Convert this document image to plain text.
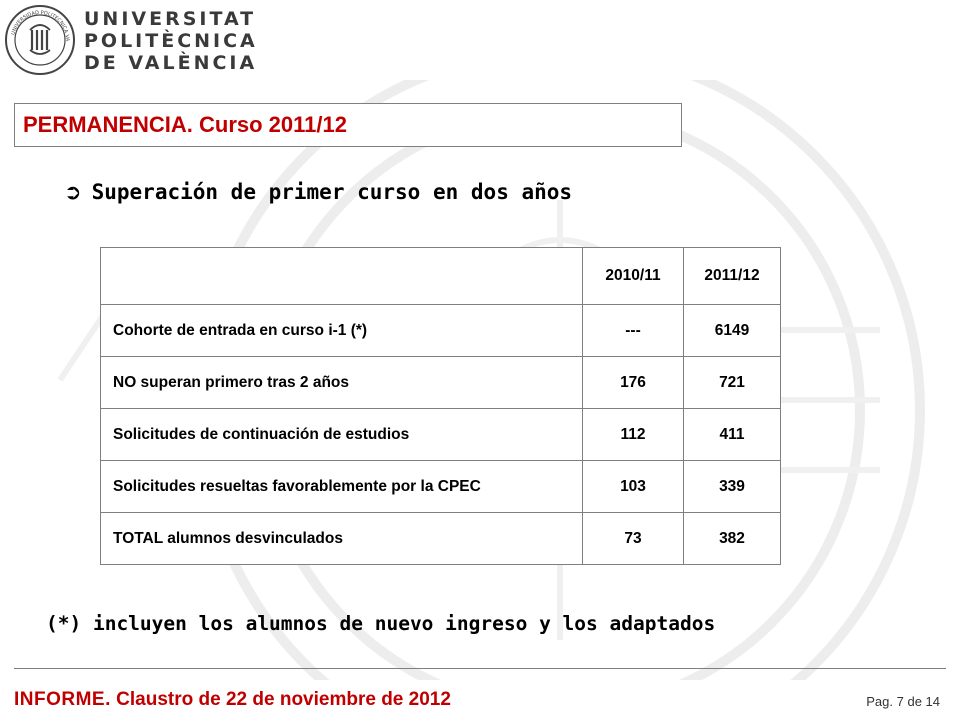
UNIVERSIDAD POLITECNICA VA
UNIVERSITAT
POLITÈCNICA
DE VALÈNCIA
PERMANENCIA. Curso 2011/12
➲ Superación de primer curso en dos años
	2010/11	2011/12
Cohorte de entrada en curso i-1 (*)	---	6149
NO superan primero tras 2 años	176	721
Solicitudes de continuación de estudios	112	411
Solicitudes resueltas favorablemente por la CPEC	103	339
TOTAL alumnos desvinculados	73	382
(*) incluyen los alumnos de nuevo ingreso y los adaptados
INFORME. Claustro de 22 de noviembre de 2012	Pag. 7 de 14
